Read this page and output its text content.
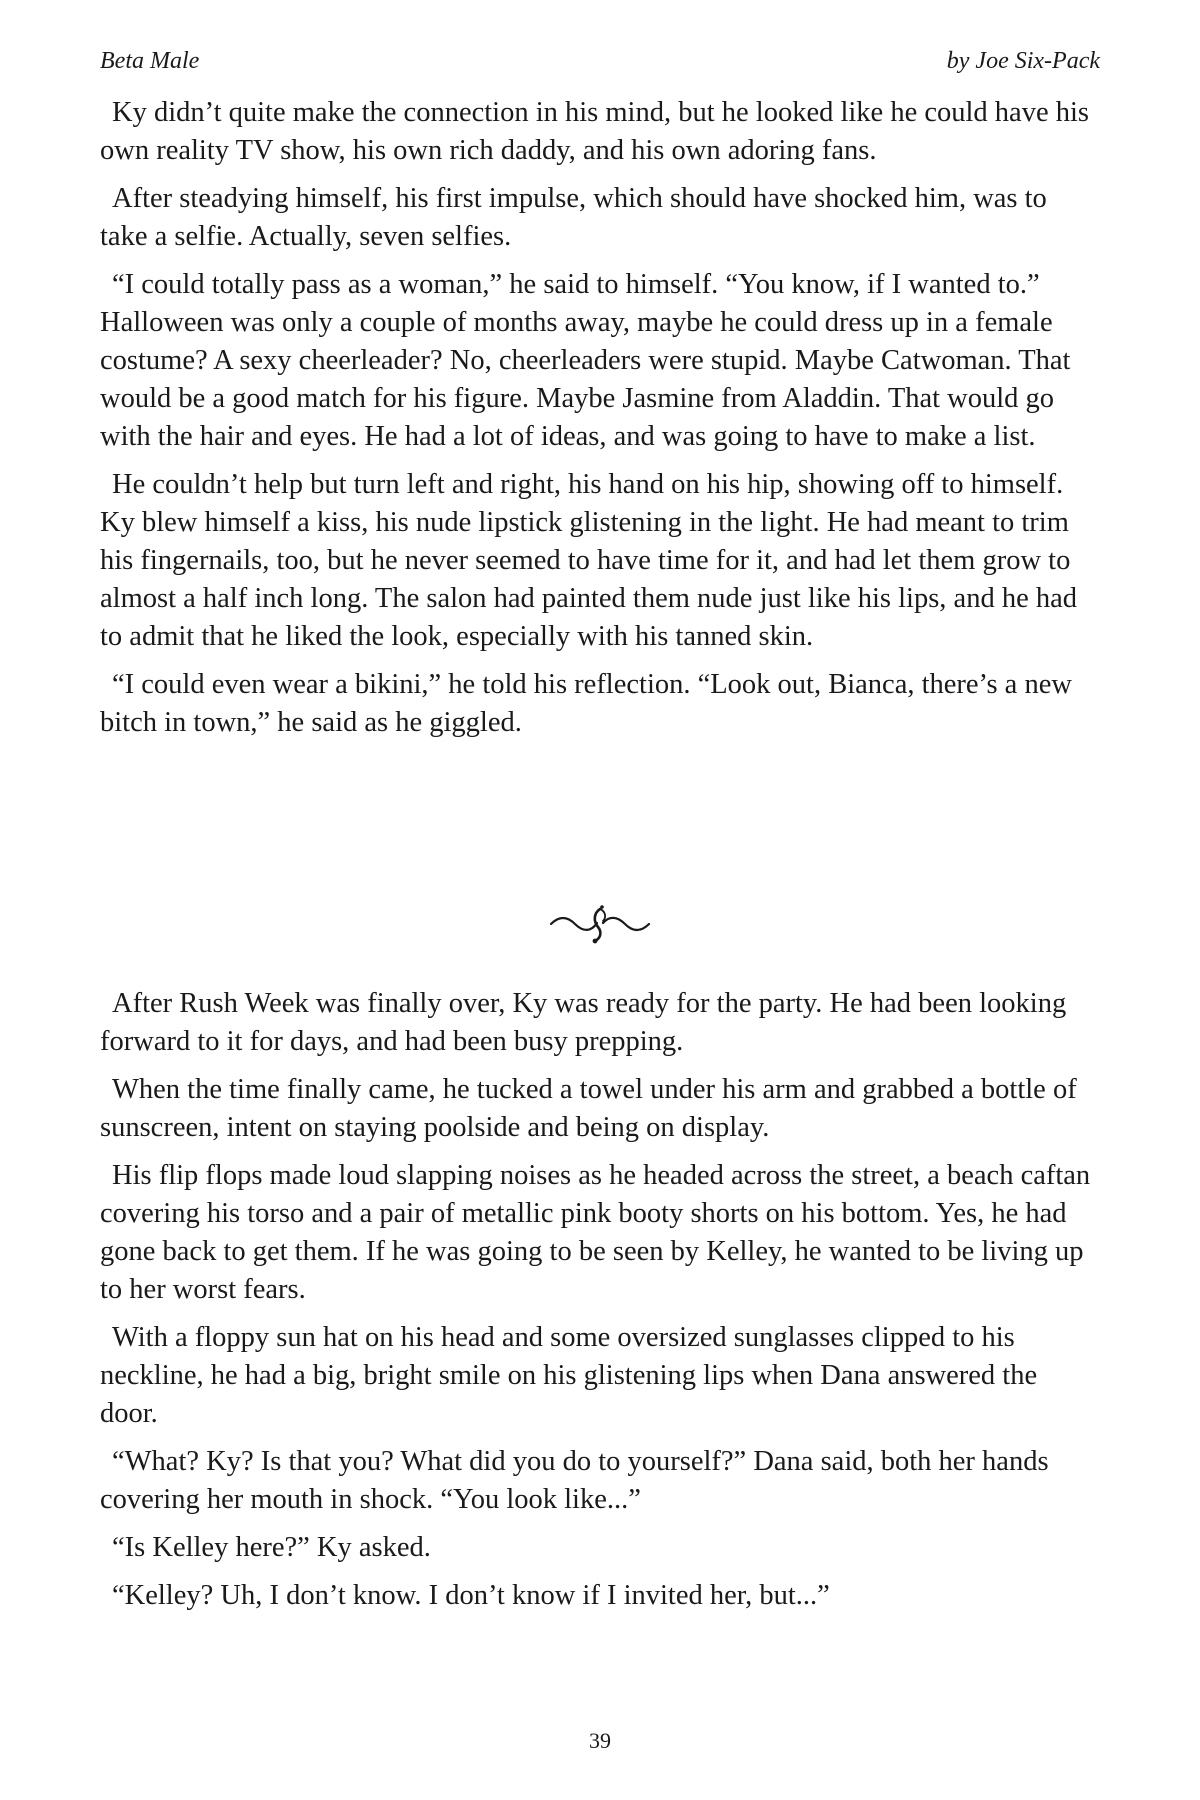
Beta Male	by Joe Six-Pack

Ky didn’t quite make the connection in his mind, but he looked like he could have his own reality TV show, his own rich daddy, and his own adoring fans.

After steadying himself, his first impulse, which should have shocked him, was to take a selfie. Actually, seven selfies.

“I could totally pass as a woman,” he said to himself. “You know, if I wanted to.” Halloween was only a couple of months away, maybe he could dress up in a female costume? A sexy cheerleader? No, cheerleaders were stupid. Maybe Catwoman. That would be a good match for his figure. Maybe Jasmine from Aladdin. That would go with the hair and eyes. He had a lot of ideas, and was going to have to make a list.

He couldn’t help but turn left and right, his hand on his hip, showing off to himself. Ky blew himself a kiss, his nude lipstick glistening in the light. He had meant to trim his fingernails, too, but he never seemed to have time for it, and had let them grow to almost a half inch long. The salon had painted them nude just like his lips, and he had to admit that he liked the look, especially with his tanned skin.

“I could even wear a bikini,” he told his reflection. “Look out, Bianca, there’s a new bitch in town,” he said as he giggled.

After Rush Week was finally over, Ky was ready for the party. He had been looking forward to it for days, and had been busy prepping.

When the time finally came, he tucked a towel under his arm and grabbed a bottle of sunscreen, intent on staying poolside and being on display.

His flip flops made loud slapping noises as he headed across the street, a beach caftan covering his torso and a pair of metallic pink booty shorts on his bottom. Yes, he had gone back to get them. If he was going to be seen by Kelley, he wanted to be living up to her worst fears.

With a floppy sun hat on his head and some oversized sunglasses clipped to his neckline, he had a big, bright smile on his glistening lips when Dana answered the door.

“What? Ky? Is that you? What did you do to yourself?” Dana said, both her hands covering her mouth in shock. “You look like...”

“Is Kelley here?” Ky asked.

“Kelley? Uh, I don’t know. I don’t know if I invited her, but...”

39
